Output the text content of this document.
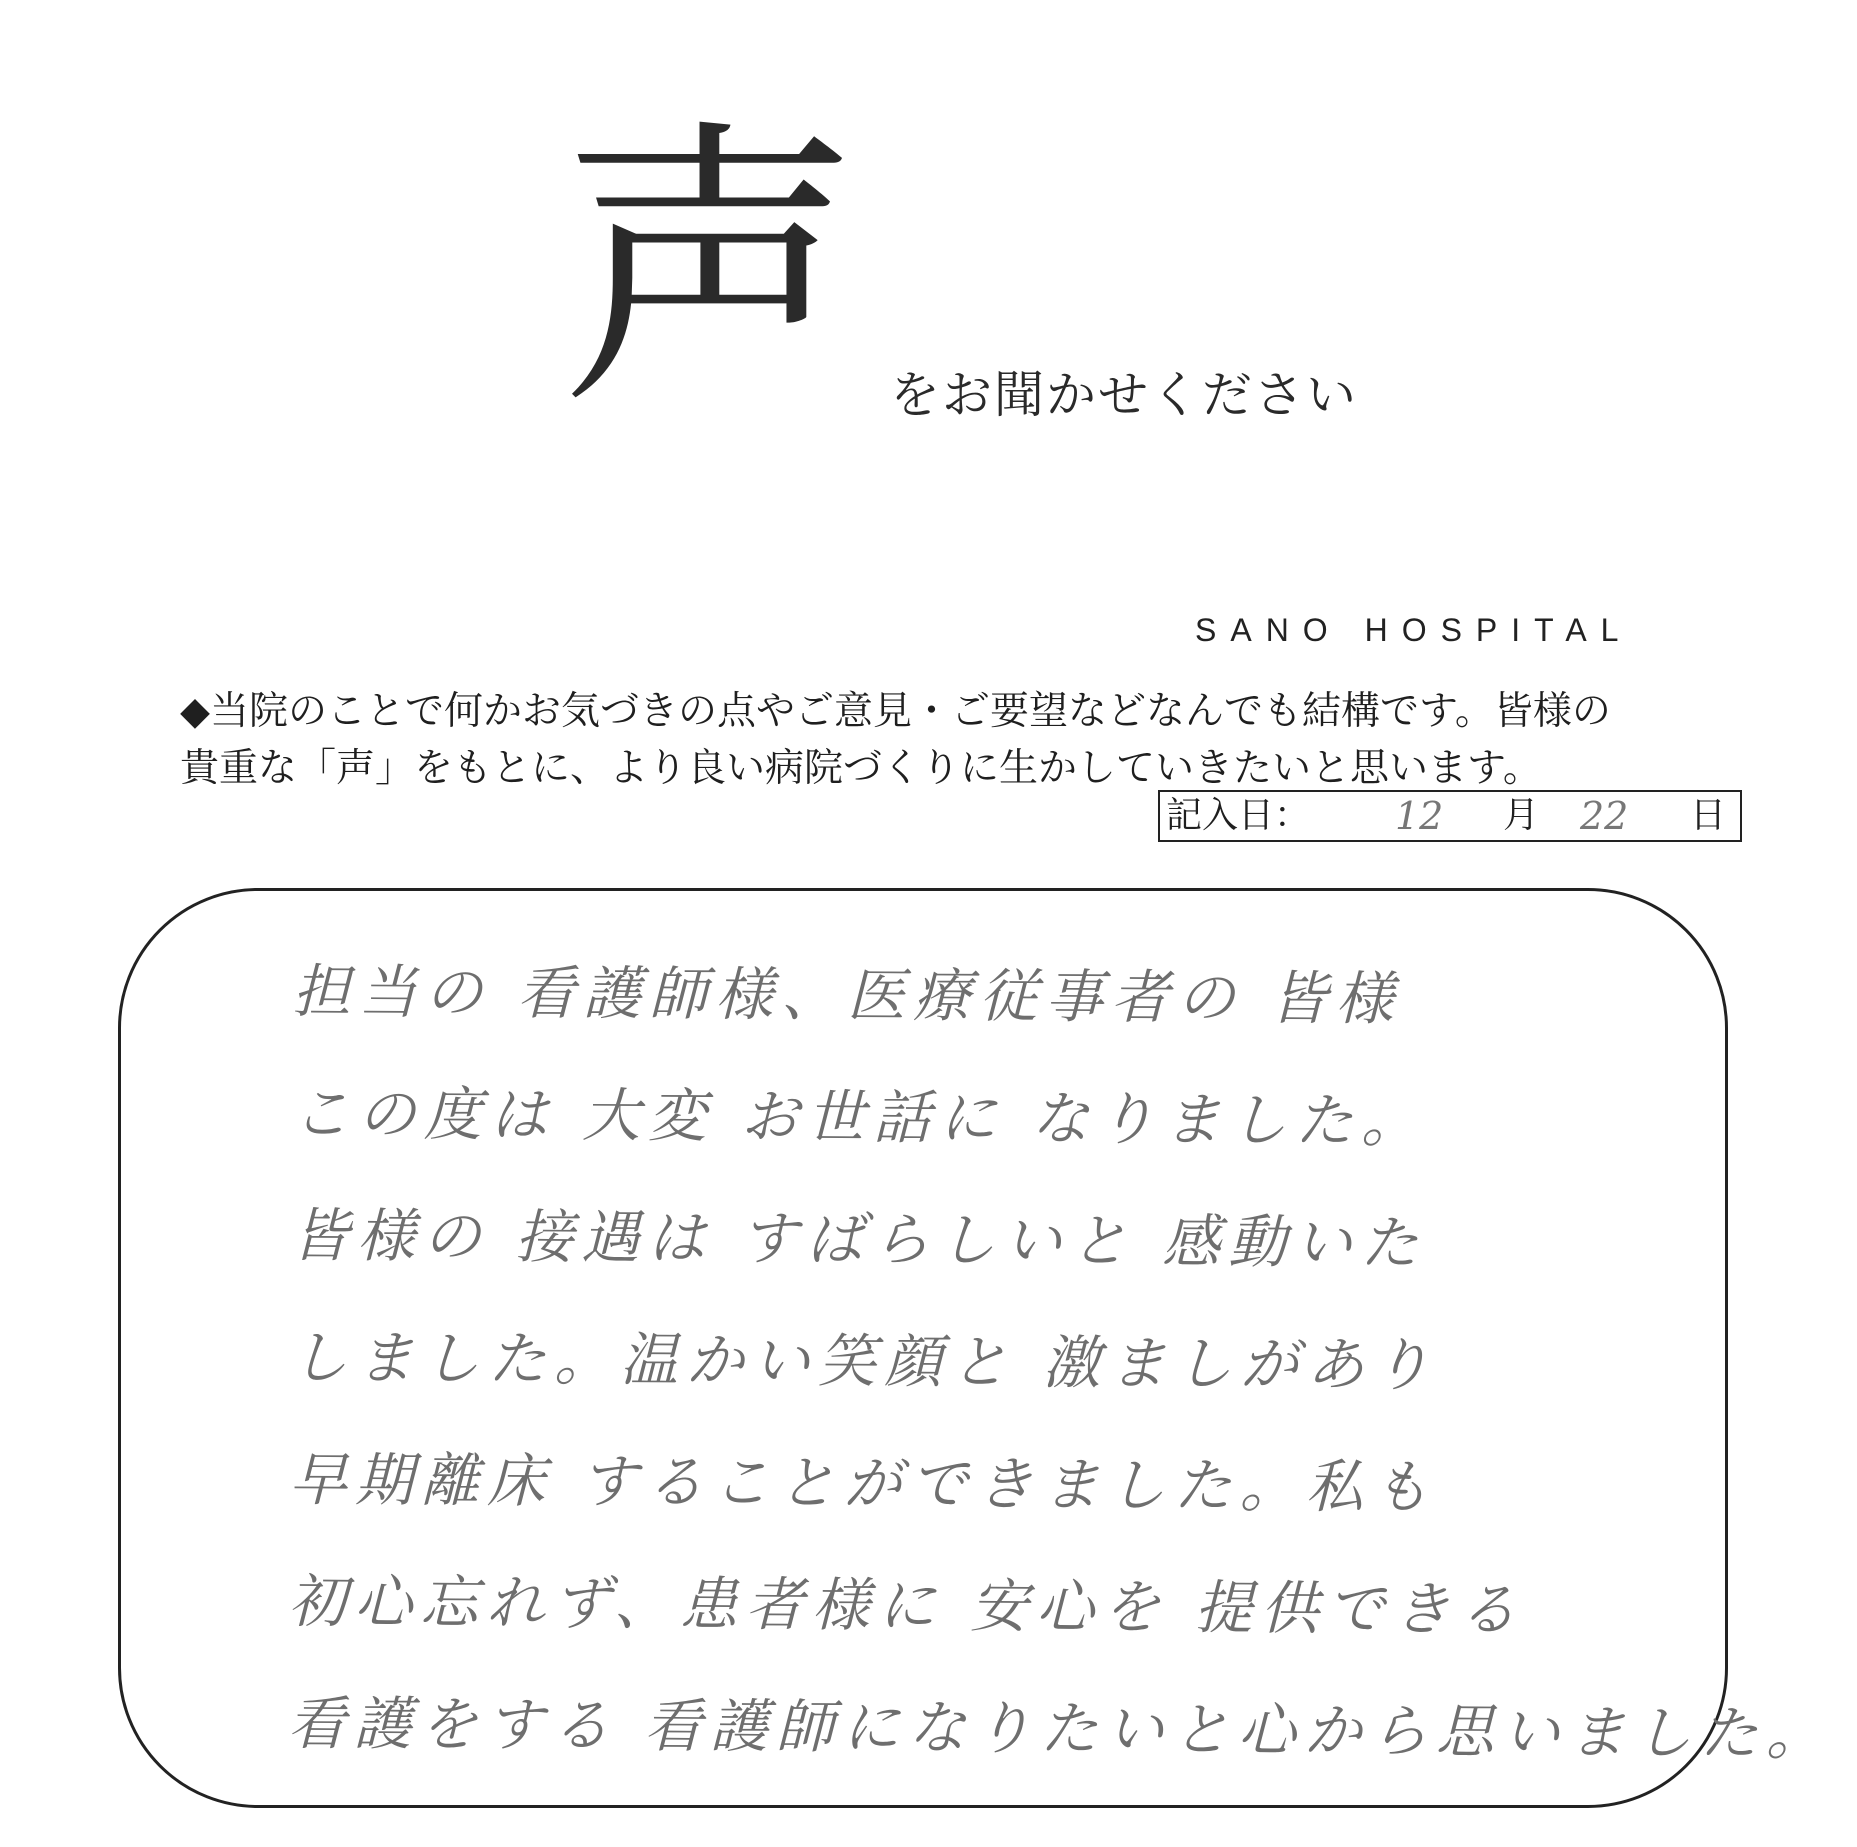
声 をお聞かせください
SANO HOSPITAL

◆当院のことで何かお気づきの点やご意見・ご要望などなんでも結構です。皆様の

貴重な「声」をもとに、より良い病院づくりに生かしていきたいと思います。

記入日： 12 月 22 日
担当の 看護師様、医療従事者の 皆様
この度は 大変 お世話に なりました。
皆様の 接遇は すばらしいと 感動いた
しました。温かい笑顔と 激ましがあり
早期離床 することができました。私も
初心忘れず、患者様に 安心を 提供できる
看護をする 看護師になりたいと心から思いました。
